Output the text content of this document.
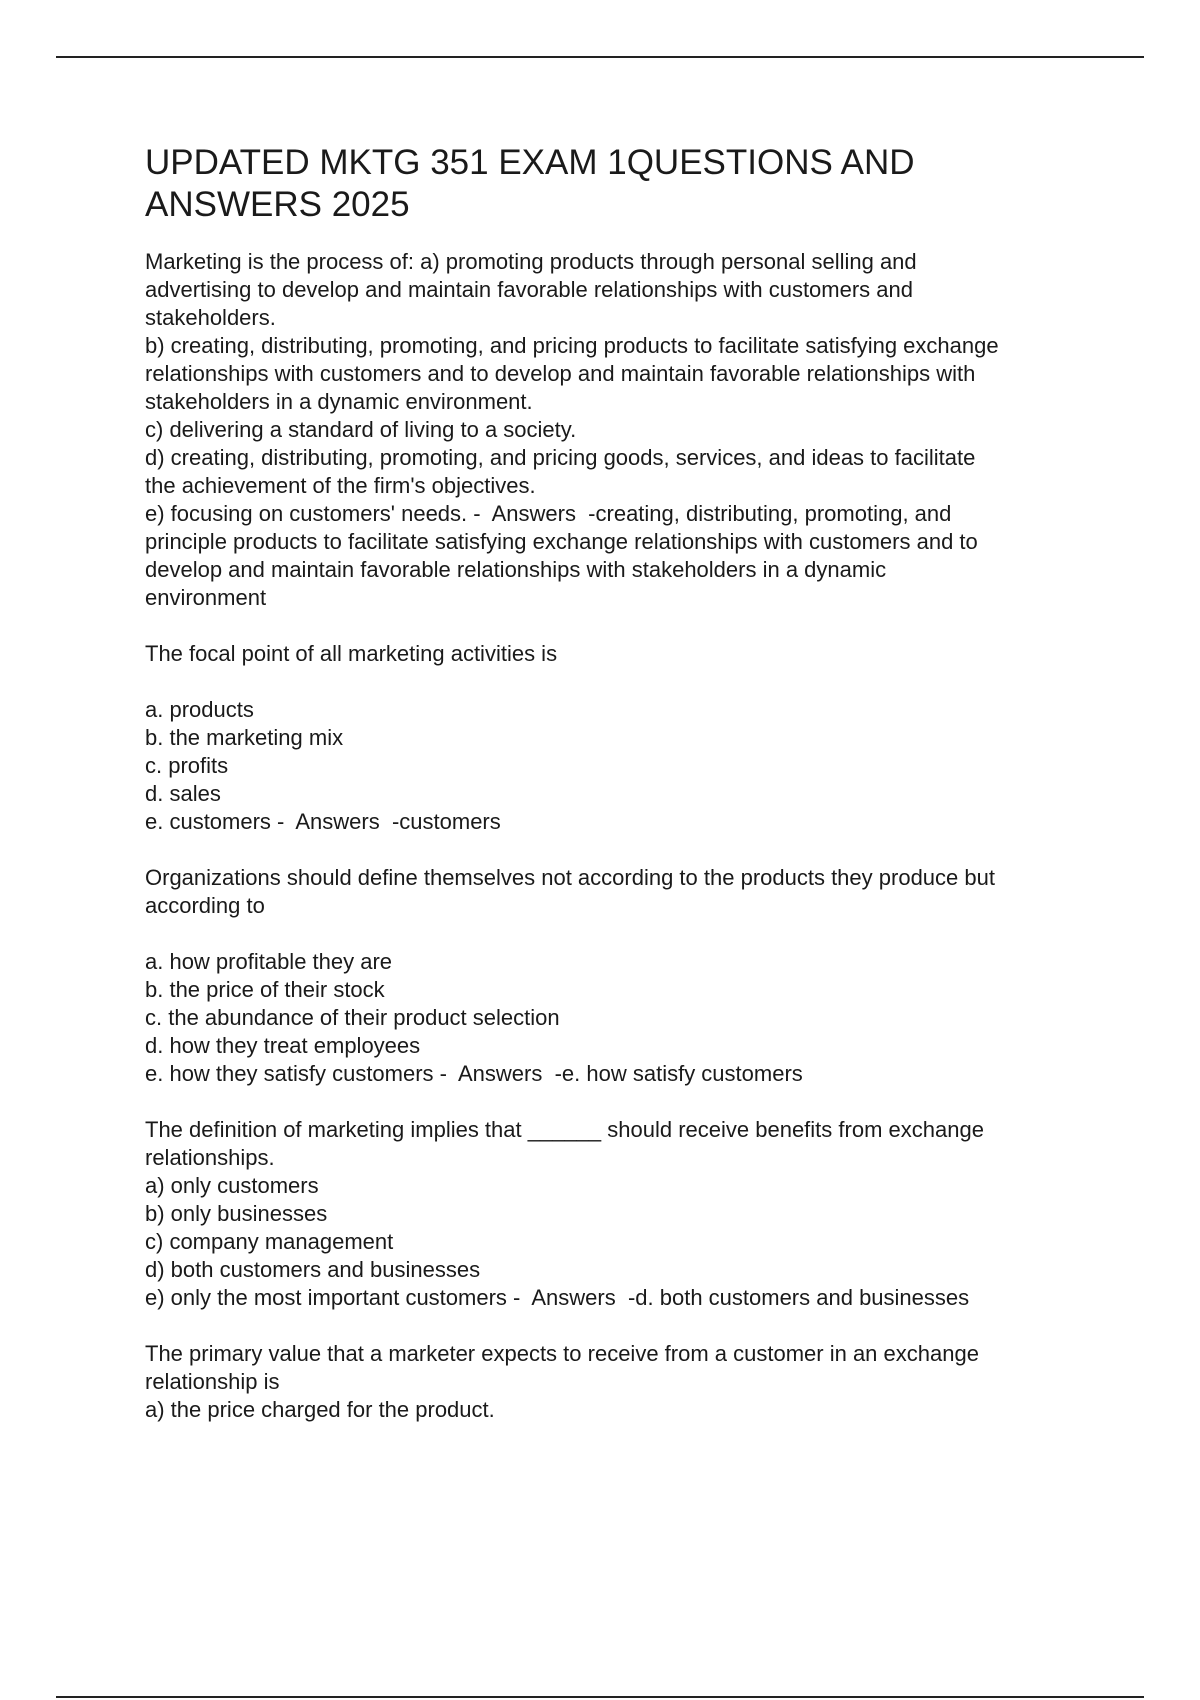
UPDATED MKTG 351 EXAM 1QUESTIONS AND
ANSWERS 2025

Marketing is the process of: a) promoting products through personal selling and

advertising to develop and maintain favorable relationships with customers and

stakeholders.

b) creating, distributing, promoting, and pricing products to facilitate satisfying exchange

relationships with customers and to develop and maintain favorable relationships with

stakeholders in a dynamic environment.

c) delivering a standard of living to a society.

d) creating, distributing, promoting, and pricing goods, services, and ideas to facilitate

the achievement of the firm's objectives.

e) focusing on customers' needs. -  Answers  -creating, distributing, promoting, and

principle products to facilitate satisfying exchange relationships with customers and to

develop and maintain favorable relationships with stakeholders in a dynamic

environment

The focal point of all marketing activities is

a. products

b. the marketing mix

c. profits

d. sales

e. customers -  Answers  -customers

Organizations should define themselves not according to the products they produce but

according to

a. how profitable they are

b. the price of their stock

c. the abundance of their product selection

d. how they treat employees

e. how they satisfy customers -  Answers  -e. how satisfy customers

The definition of marketing implies that ______ should receive benefits from exchange

relationships.

a) only customers

b) only businesses

c) company management

d) both customers and businesses

e) only the most important customers -  Answers  -d. both customers and businesses

The primary value that a marketer expects to receive from a customer in an exchange

relationship is

a) the price charged for the product.
